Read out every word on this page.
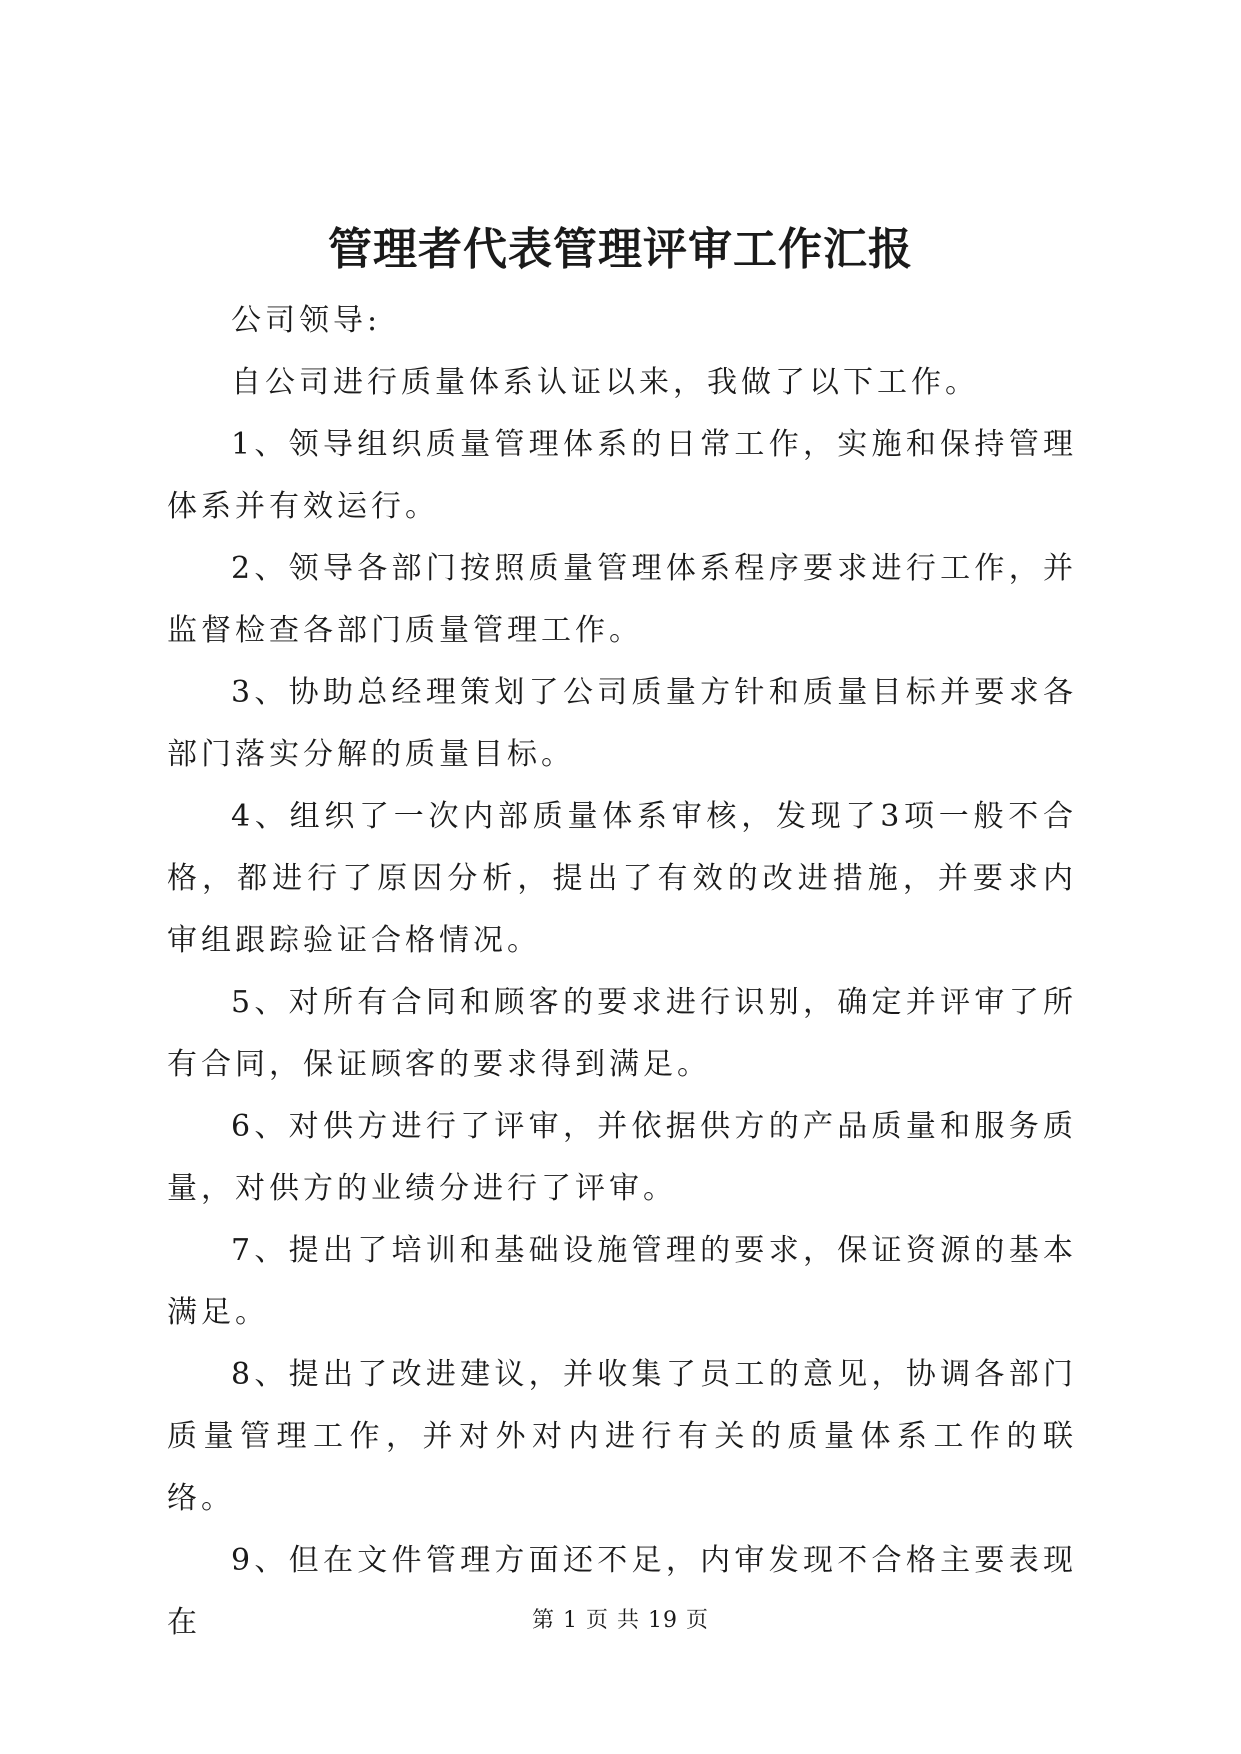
管理者代表管理评审工作汇报

公司领导:

自公司进行质量体系认证以来，我做了以下工作。

1、领导组织质量管理体系的日常工作，实施和保持管理体系并有效运行。

2、领导各部门按照质量管理体系程序要求进行工作，并监督检查各部门质量管理工作。

3、协助总经理策划了公司质量方针和质量目标并要求各部门落实分解的质量目标。

4、组织了一次内部质量体系审核，发现了3项一般不合格，都进行了原因分析，提出了有效的改进措施，并要求内审组跟踪验证合格情况。

5、对所有合同和顾客的要求进行识别，确定并评审了所有合同，保证顾客的要求得到满足。

6、对供方进行了评审，并依据供方的产品质量和服务质量，对供方的业绩分进行了评审。

7、提出了培训和基础设施管理的要求，保证资源的基本满足。

8、提出了改进建议，并收集了员工的意见，协调各部门质量管理工作，并对外对内进行有关的质量体系工作的联络。

9、但在文件管理方面还不足，内审发现不合格主要表现在	第 1 页 共 19 页
